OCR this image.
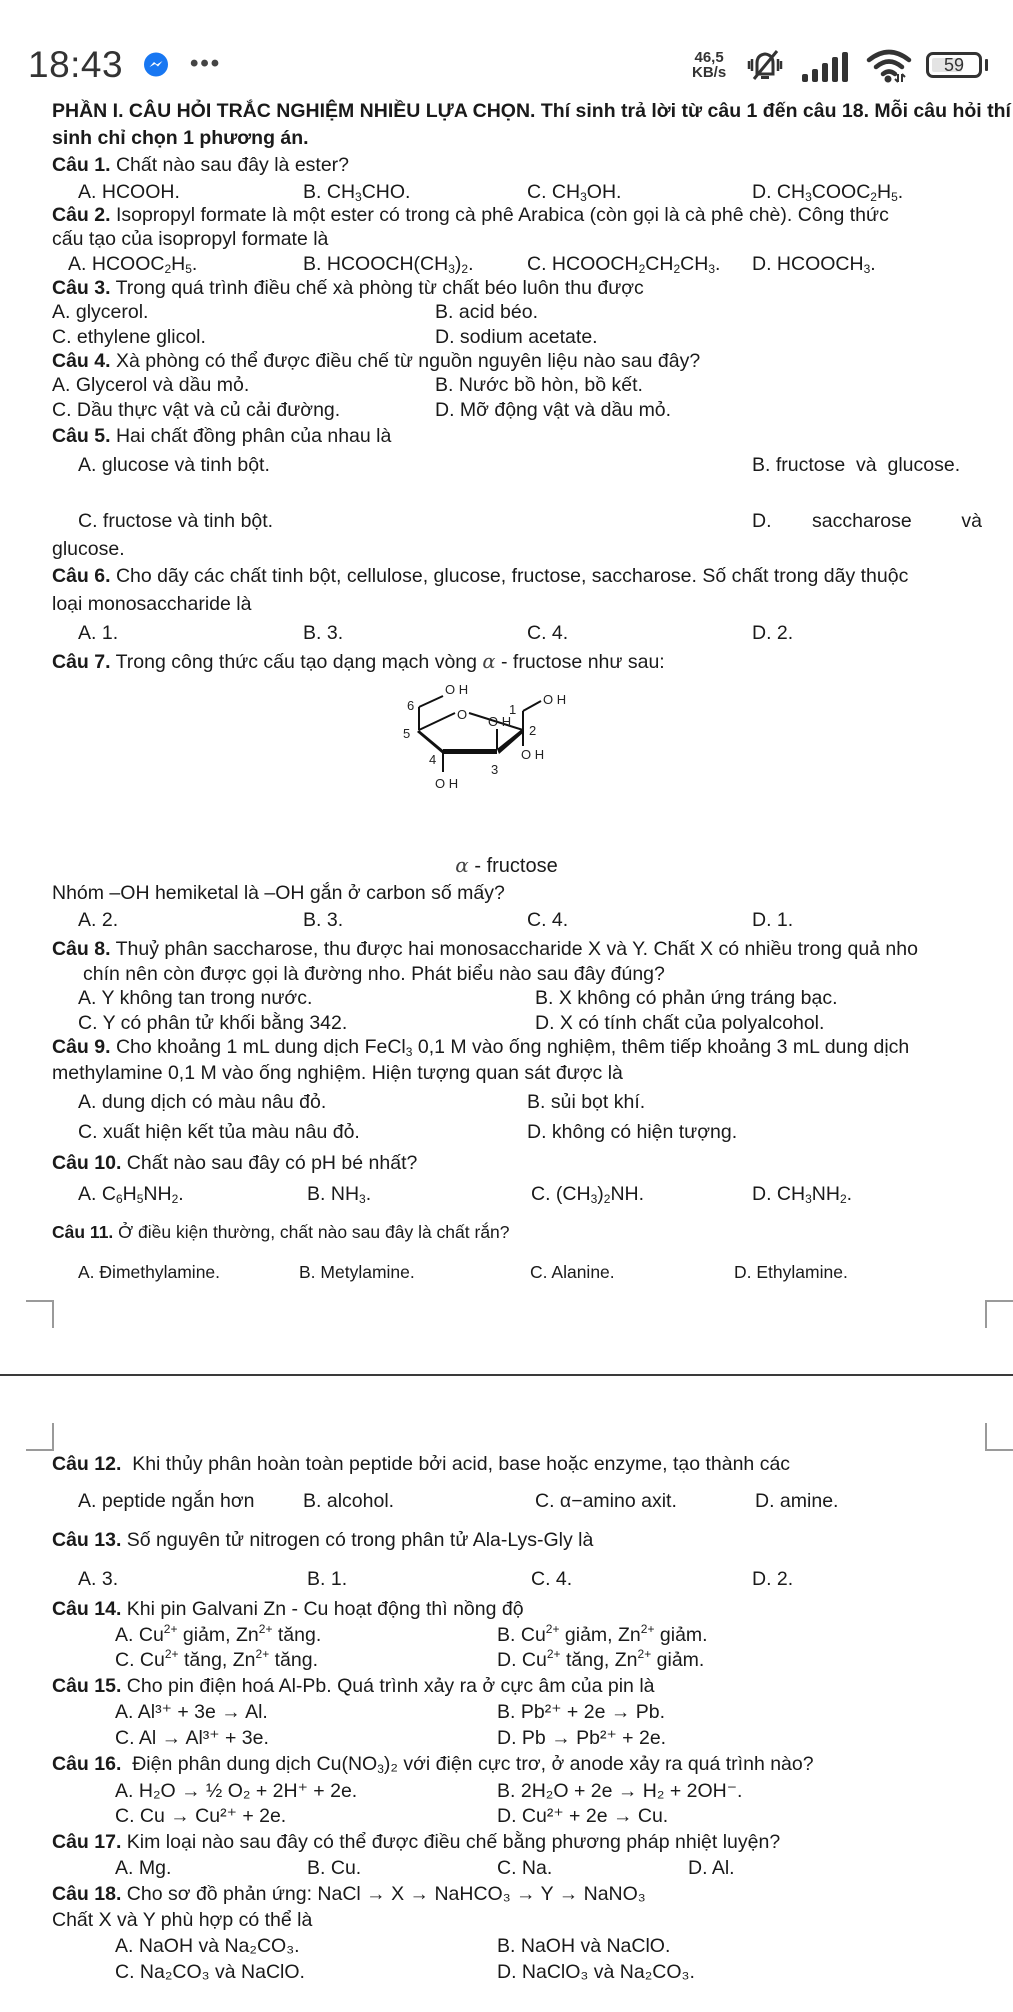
18:43	•••	46,5
KB/s	59
PHẦN I. CÂU HỎI TRẮC NGHIỆM NHIỀU LỰA CHỌN. Thí sinh trả lời từ câu 1 đến câu 18. Mỗi câu hỏi thí
sinh chỉ chọn 1 phương án.
Câu 1. Chất nào sau đây là ester?
A. HCOOH.	B. $CH_3CHO$.	C. $CH_3OH$.	D. $CH_3COOC_2H_5$.
Câu 2. Isopropyl formate là một ester có trong cà phê Arabica (còn gọi là cà phê chè). Công thức
cấu tạo của isopropyl formate là
A. $HCOOC_2H_5$.	B. $HCOOCH(CH_3)_2$.	C. $HCOOCH_2CH_2CH_3$. D. $HCOOCH_3$.
Câu 3. Trong quá trình điều chế xà phòng từ chất béo luôn thu được
A. glycerol.	B. acid béo.
C. ethylene glicol.	D. sodium acetate.
Câu 4. Xà phòng có thể được điều chế từ nguồn nguyên liệu nào sau đây?
A. Glycerol và dầu mỏ.	B. Nước bồ hòn, bồ kết.
C. Dầu thực vật và củ cải đường.	D. Mỡ động vật và dầu mỏ.
Câu 5. Hai chất đồng phân của nhau là
A. glucose và tinh bột.	B. fructose  và  glucose.
C. fructose và tinh bột.	D. saccharose	và
glucose.
Câu 6. Cho dãy các chất tinh bột, cellulose, glucose, fructose, saccharose. Số chất trong dãy thuộc
loại monosaccharide là
A. 1.	B. 3.	C. 4.	D. 2.
Câu 7. Trong công thức cấu tạo dạng mạch vòng α - fructose như sau:
O H
6
O	1
O H
5
O H
2
O H
4
3
O H
α - fructose
Nhóm –OH hemiketal là –OH gắn ở carbon số mấy?
A. 2.	B. 3.	C. 4.	D. 1.
Câu 8. Thuỷ phân saccharose, thu được hai monosaccharide X và Y. Chất X có nhiều trong quả nho
chín nên còn được gọi là đường nho. Phát biểu nào sau đây đúng?
A. Y không tan trong nước.	B. X không có phản ứng tráng bạc.
C. Y có phân tử khối bằng 342.	D. X có tính chất của polyalcohol.
Câu 9. Cho khoảng 1 mL dung dịch FeCl$_3$ 0,1 M vào ống nghiệm, thêm tiếp khoảng 3 mL dung dịch
methylamine 0,1 M vào ống nghiệm. Hiện tượng quan sát được là
A. dung dịch có màu nâu đỏ.	B. sủi bọt khí.
C. xuất hiện kết tủa màu nâu đỏ.	D. không có hiện tượng.
Câu 10. Chất nào sau đây có pH bé nhất?
A. $C_6H_5NH_2$.	B. $NH_3$.	C. $(CH_3)_2NH$.	D. $CH_3NH_2$.
Câu 11. Ở điều kiện thường, chất nào sau đây là chất rắn?
A. Đimethylamine.	B. Metylamine.	C. Alanine.	D. Ethylamine.
Câu 12.  Khi thủy phân hoàn toàn peptide bởi acid, base hoặc enzyme, tạo thành các
A. peptide ngắn hơn B. alcohol.	C. α−amino axit.	D. amine.
Câu 13. Số nguyên tử nitrogen có trong phân tử Ala-Lys-Gly là
A. 3.	B. 1.	C. 4.	D. 2.
Câu 14. Khi pin Galvani Zn - Cu hoạt động thì nồng độ
A. $Cu^{2+}$ giảm, $Zn^{2+}$ tăng.	B. $Cu^{2+}$ giảm, $Zn^{2+}$ giảm.
C. $Cu^{2+}$ tăng, $Zn^{2+}$ tăng.	D. $Cu^{2+}$ tăng, $Zn^{2+}$ giảm.
Câu 15. Cho pin điện hoá Al-Pb. Quá trình xảy ra ở cực âm của pin là
A. Al³⁺ + 3e → Al.	B. Pb²⁺ + 2e → Pb.
C. Al → Al³⁺ + 3e.	D. Pb → Pb²⁺ + 2e.
Câu 16.  Điện phân dung dịch $Cu(NO_3)_2$ với điện cực trơ, ở anode xảy ra quá trình nào?
A. H₂O → ½ O₂ + 2H⁺ + 2e.	B. 2H₂O + 2e → H₂ + 2OH⁻.
C. Cu → Cu²⁺ + 2e.	D. Cu²⁺ + 2e → Cu.
Câu 17. Kim loại nào sau đây có thể được điều chế bằng phương pháp nhiệt luyện?
A. Mg.	B. Cu.	C. Na.	D. Al.
Câu 18. Cho sơ đồ phản ứng: NaCl → X → NaHCO₃ → Y → NaNO₃
Chất X và Y phù hợp có thể là
A. NaOH và Na₂CO₃.	B. NaOH và NaClO.
C. Na₂CO₃ và NaClO.	D. NaClO₃ và Na₂CO₃.
